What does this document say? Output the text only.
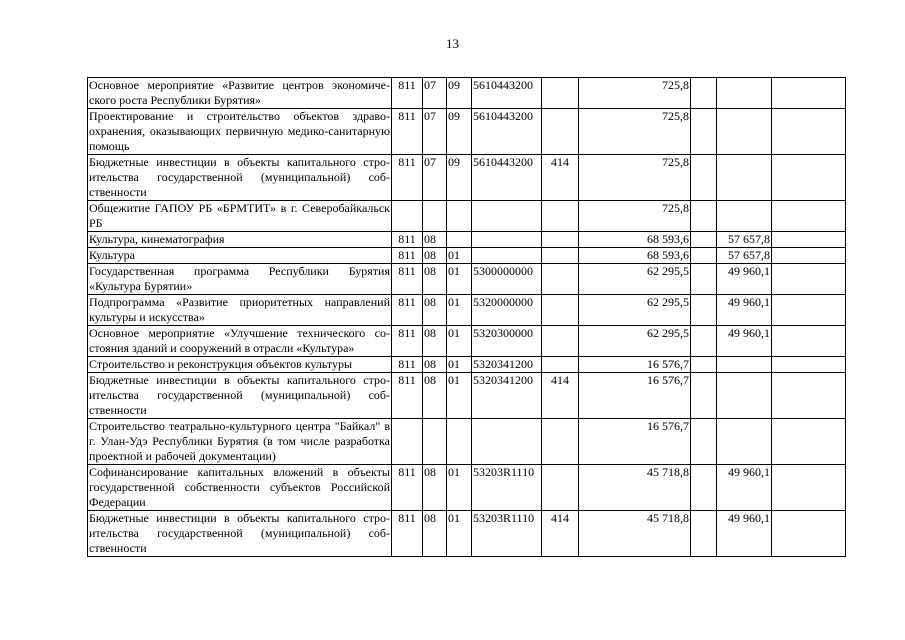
13
Основное мероприятие «Развитие центров экономического роста Республики Бурятия»	811	07	09	5610443200		725,8			
Проектирование и строительство объектов здравоохранения, оказывающих первичную медико-санитарную помощь	811	07	09	5610443200		725,8			
Бюджетные инвестиции в объекты капитального строительства государственной (муниципальной) собственности	811	07	09	5610443200	414	725,8			
Общежитие ГАПОУ РБ «БРМТИТ» в г. Северобайкальск РБ						725,8			
Культура, кинематография	811	08				68 593,6		57 657,8	
Культура	811	08	01			68 593,6		57 657,8	
Государственная программа Республики Бурятия «Культура Бурятии»	811	08	01	5300000000		62 295,5		49 960,1	
Подпрограмма «Развитие приоритетных направлений культуры и искусства»	811	08	01	5320000000		62 295,5		49 960,1	
Основное мероприятие «Улучшение технического состояния зданий и сооружений в отрасли «Культура»	811	08	01	5320300000		62 295,5		49 960,1	
Строительство и реконструкция объектов культуры	811	08	01	5320341200		16 576,7			
Бюджетные инвестиции в объекты капитального строительства государственной (муниципальной) собственности	811	08	01	5320341200	414	16 576,7			
Строительство театрально-культурного центра "Байкал" в г. Улан-Удэ Республики Бурятия (в том числе разработка проектной и рабочей документации)						16 576,7			
Софинансирование капитальных вложений в объекты государственной собственности субъектов Российской Федерации	811	08	01	53203R1110		45 718,8		49 960,1	
Бюджетные инвестиции в объекты капитального строительства государственной (муниципальной) собственности	811	08	01	53203R1110	414	45 718,8		49 960,1	
